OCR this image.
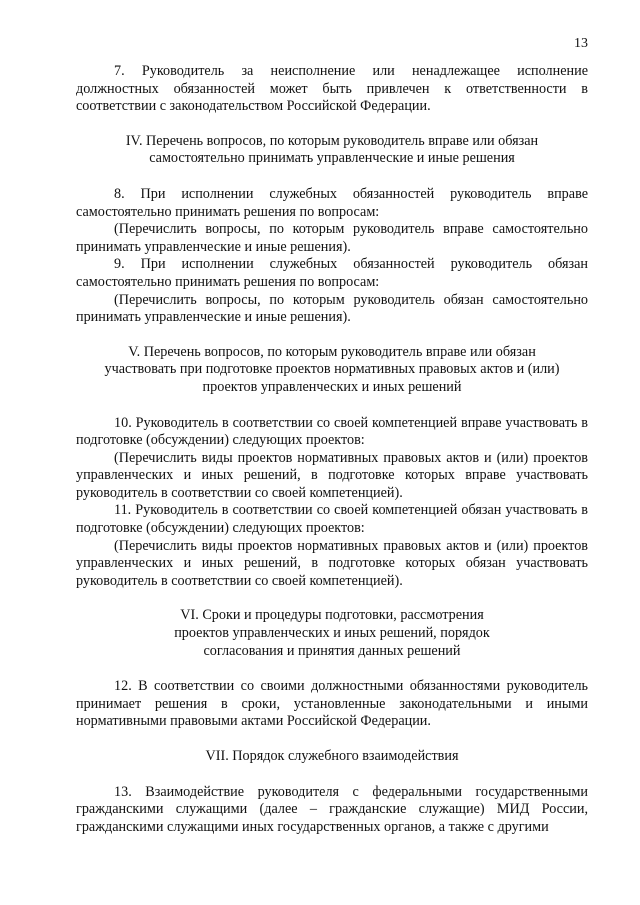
13

7. Руководитель за неисполнение или ненадлежащее исполнение должностных обязанностей может быть привлечен к ответственности в соответствии с законодательством Российской Федерации.

IV. Перечень вопросов, по которым руководитель вправе или обязан
самостоятельно принимать управленческие и иные решения

8. При исполнении служебных обязанностей руководитель вправе самостоятельно принимать решения по вопросам:

(Перечислить вопросы, по которым руководитель вправе самостоятельно принимать управленческие и иные решения).

9. При исполнении служебных обязанностей руководитель обязан самостоятельно принимать решения по вопросам:

(Перечислить вопросы, по которым руководитель обязан самостоятельно принимать управленческие и иные решения).

V. Перечень вопросов, по которым руководитель вправе или обязан
участвовать при подготовке проектов нормативных правовых актов и (или)
проектов управленческих и иных решений

10. Руководитель в соответствии со своей компетенцией вправе участвовать в подготовке (обсуждении) следующих проектов:

(Перечислить виды проектов нормативных правовых актов и (или) проектов управленческих и иных решений, в подготовке которых вправе участвовать руководитель в соответствии со своей компетенцией).

11. Руководитель в соответствии со своей компетенцией обязан участвовать в подготовке (обсуждении) следующих проектов:

(Перечислить виды проектов нормативных правовых актов и (или) проектов управленческих и иных решений, в подготовке которых обязан участвовать руководитель в соответствии со своей компетенцией).

VI. Сроки и процедуры подготовки, рассмотрения
проектов управленческих и иных решений, порядок
согласования и принятия данных решений

12. В соответствии со своими должностными обязанностями руководитель принимает решения в сроки, установленные законодательными и иными нормативными правовыми актами Российской Федерации.

VII. Порядок служебного взаимодействия

13. Взаимодействие руководителя с федеральными государственными гражданскими служащими (далее – гражданские служащие) МИД России, гражданскими служащими иных государственных органов, а также с другими
